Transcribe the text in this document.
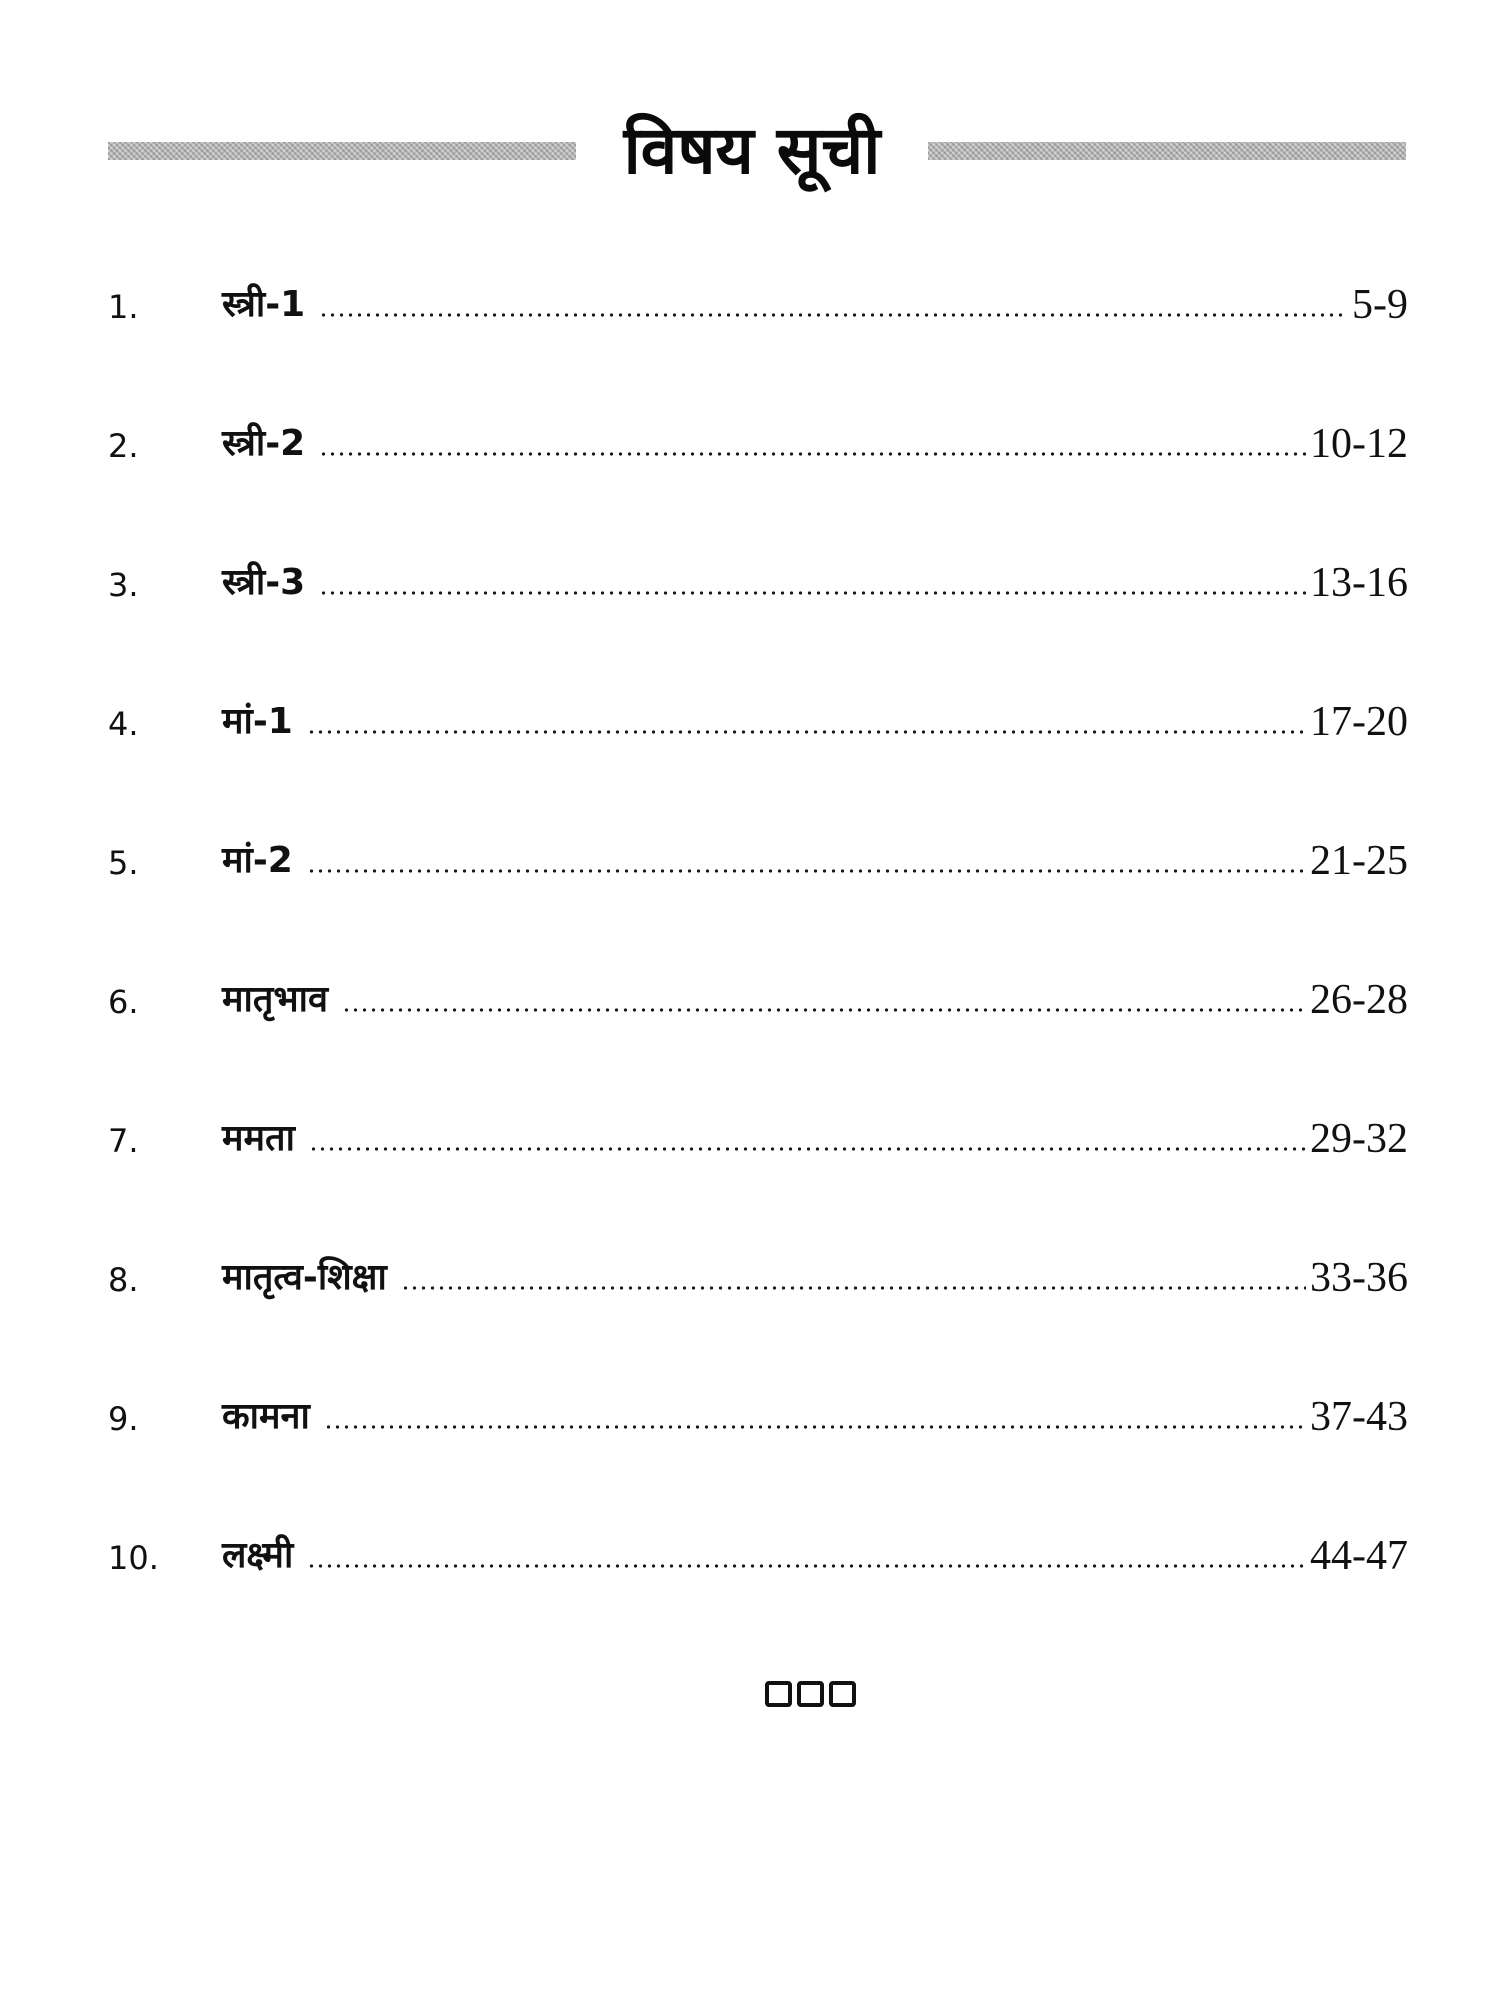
विषय सूची
1.	स्त्री-1	5-9
2.	स्त्री-2	10-12
3.	स्त्री-3	13-16
4.	मां-1	17-20
5.	मां-2	21-25
6.	मातृभाव	26-28
7.	ममता	29-32
8.	मातृत्व-शिक्षा	33-36
9.	कामना	37-43
10.	लक्ष्मी	44-47
